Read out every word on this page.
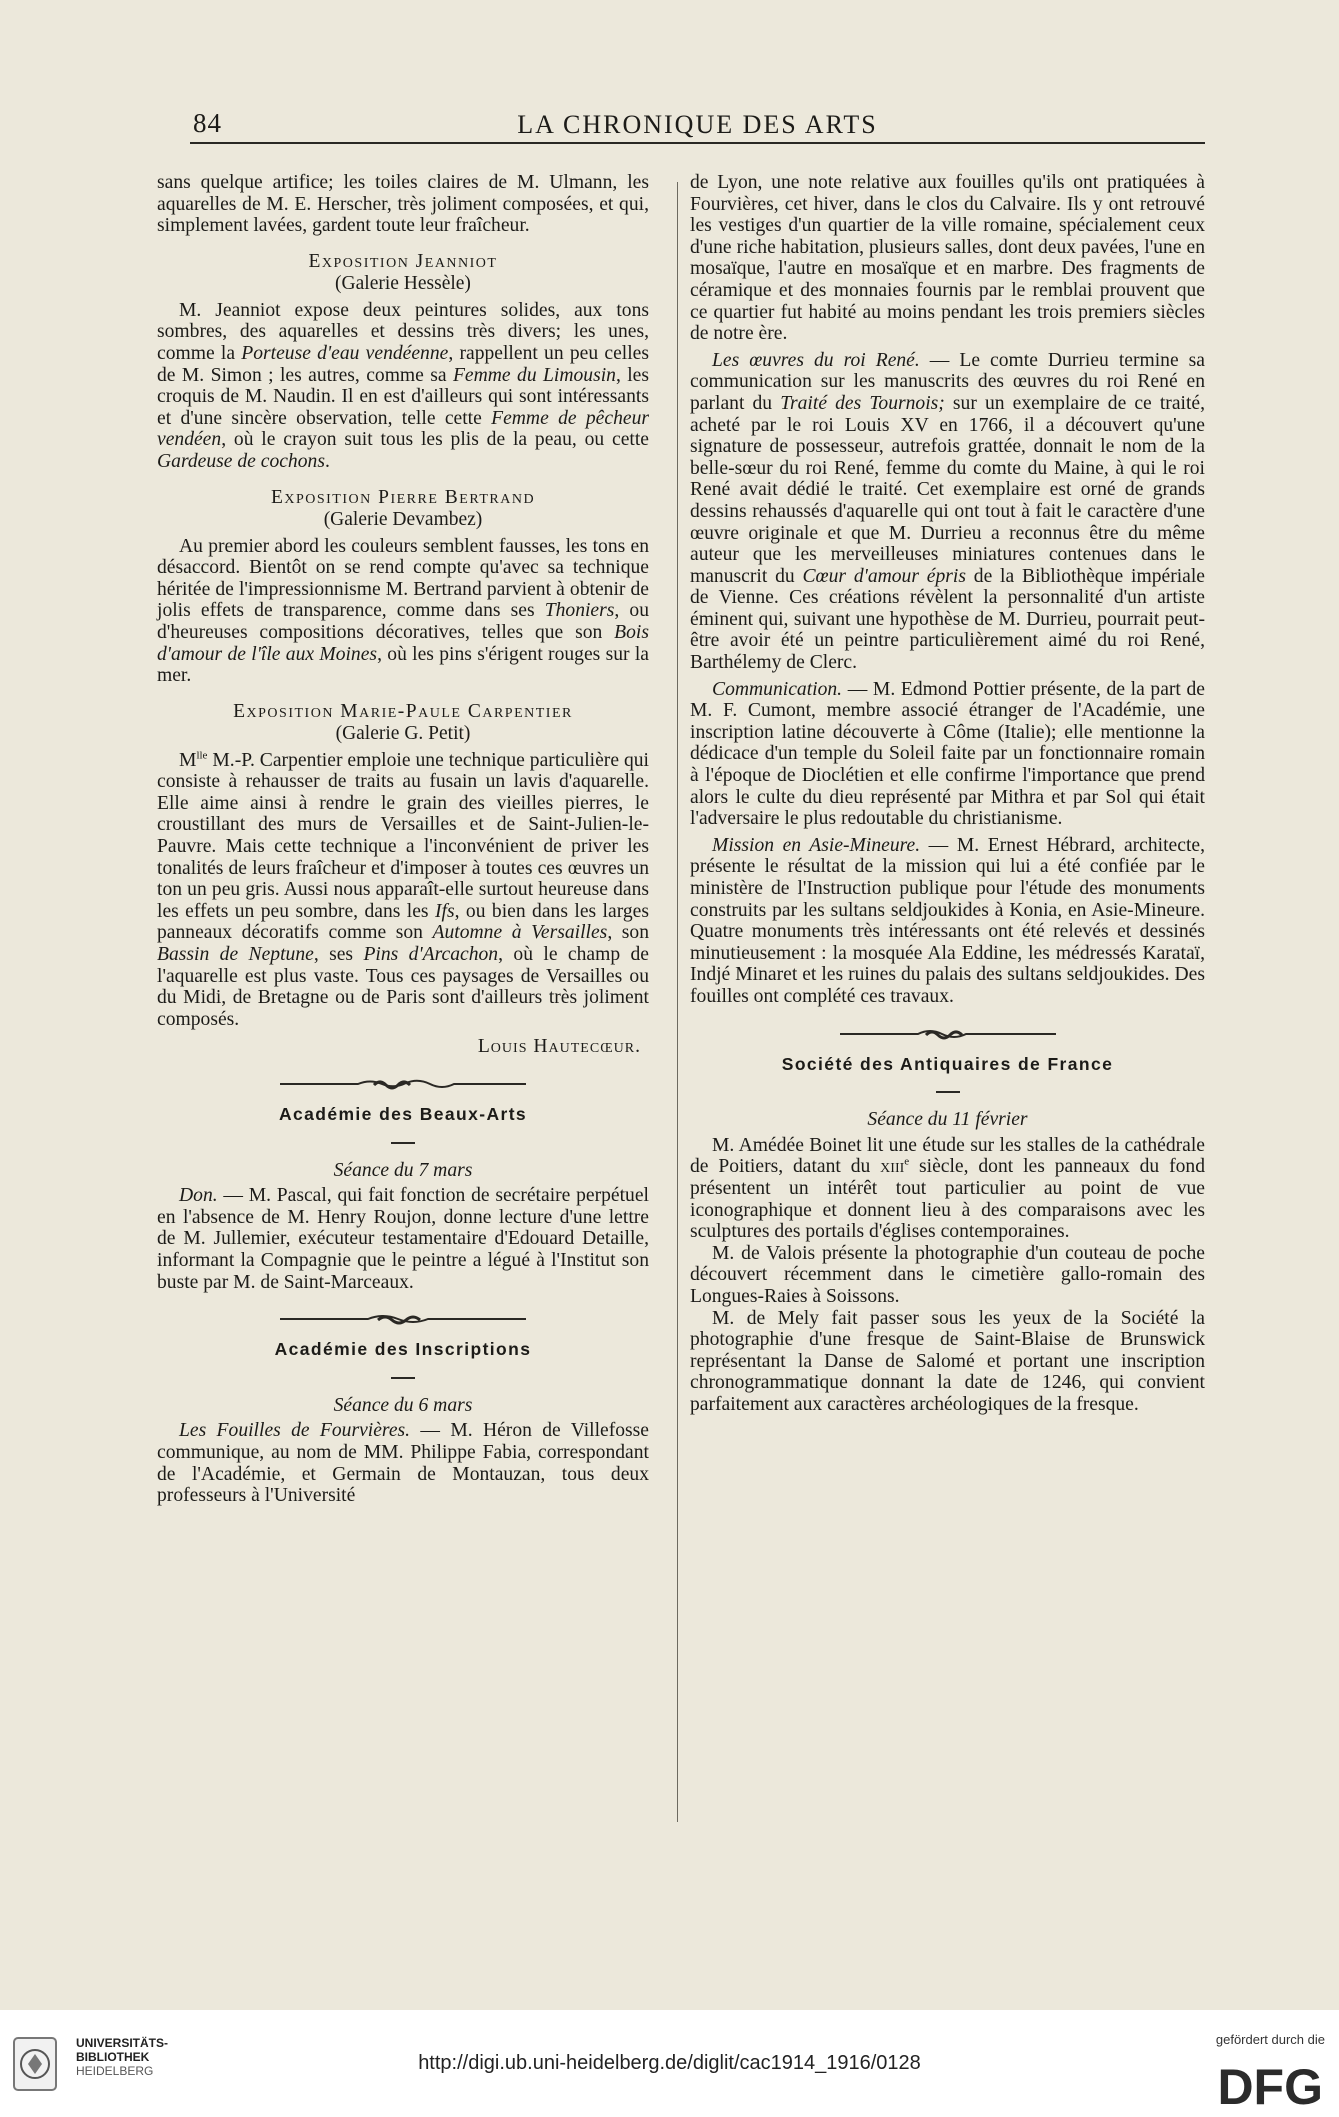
84	LA CHRONIQUE DES ARTS

sans quelque artifice; les toiles claires de M. Ulmann, les aquarelles de M. E. Herscher, très joliment composées, et qui, simplement lavées, gardent toute leur fraîcheur.

Exposition Jeanniot
(Galerie Hessèle)

M. Jeanniot expose deux peintures solides, aux tons sombres, des aquarelles et dessins très divers; les unes, comme la Porteuse d'eau vendéenne, rappellent un peu celles de M. Simon ; les autres, comme sa Femme du Limousin, les croquis de M. Naudin. Il en est d'ailleurs qui sont intéressants et d'une sincère observation, telle cette Femme de pêcheur vendéen, où le crayon suit tous les plis de la peau, ou cette Gardeuse de cochons.

Exposition Pierre Bertrand
(Galerie Devambez)

Au premier abord les couleurs semblent fausses, les tons en désaccord. Bientôt on se rend compte qu'avec sa technique héritée de l'impressionnisme M. Bertrand parvient à obtenir de jolis effets de transparence, comme dans ses Thoniers, ou d'heureuses compositions décoratives, telles que son Bois d'amour de l'île aux Moines, où les pins s'érigent rouges sur la mer.

Exposition Marie-Paule Carpentier
(Galerie G. Petit)

$M^{lle}$ M.-P. Carpentier emploie une technique particulière qui consiste à rehausser de traits au fusain un lavis d'aquarelle. Elle aime ainsi à rendre le grain des vieilles pierres, le croustillant des murs de Versailles et de Saint-Julien-le-Pauvre. Mais cette technique a l'inconvénient de priver les tonalités de leurs fraîcheur et d'imposer à toutes ces œuvres un ton un peu gris. Aussi nous apparaît-elle surtout heureuse dans les effets un peu sombre, dans les Ifs, ou bien dans les larges panneaux décoratifs comme son Automne à Versailles, son Bassin de Neptune, ses Pins d'Arcachon, où le champ de l'aquarelle est plus vaste. Tous ces paysages de Versailles ou du Midi, de Bretagne ou de Paris sont d'ailleurs très joliment composés.

Louis Hautecœur.
Académie des Beaux-Arts
Séance du 7 mars

Don. — M. Pascal, qui fait fonction de secrétaire perpétuel en l'absence de M. Henry Roujon, donne lecture d'une lettre de M. Jullemier, exécuteur testamentaire d'Edouard Detaille, informant la Compagnie que le peintre a légué à l'Institut son buste par M. de Saint-Marceaux.

Académie des Inscriptions
Séance du 6 mars

Les Fouilles de Fourvières. — M. Héron de Villefosse communique, au nom de MM. Philippe Fabia, correspondant de l'Académie, et Germain de Montauzan, tous deux professeurs à l'Université

de Lyon, une note relative aux fouilles qu'ils ont pratiquées à Fourvières, cet hiver, dans le clos du Calvaire. Ils y ont retrouvé les vestiges d'un quartier de la ville romaine, spécialement ceux d'une riche habitation, plusieurs salles, dont deux pavées, l'une en mosaïque, l'autre en mosaïque et en marbre. Des fragments de céramique et des monnaies fournis par le remblai prouvent que ce quartier fut habité au moins pendant les trois premiers siècles de notre ère.

Les œuvres du roi René. — Le comte Durrieu termine sa communication sur les manuscrits des œuvres du roi René en parlant du Traité des Tournois; sur un exemplaire de ce traité, acheté par le roi Louis XV en 1766, il a découvert qu'une signature de possesseur, autrefois grattée, donnait le nom de la belle-sœur du roi René, femme du comte du Maine, à qui le roi René avait dédié le traité. Cet exemplaire est orné de grands dessins rehaussés d'aquarelle qui ont tout à fait le caractère d'une œuvre originale et que M. Durrieu a reconnus être du même auteur que les merveilleuses miniatures contenues dans le manuscrit du Cœur d'amour épris de la Bibliothèque impériale de Vienne. Ces créations révèlent la personnalité d'un artiste éminent qui, suivant une hypothèse de M. Durrieu, pourrait peut-être avoir été un peintre particulièrement aimé du roi René, Barthélemy de Clerc.

Communication. — M. Edmond Pottier présente, de la part de M. F. Cumont, membre associé étranger de l'Académie, une inscription latine découverte à Côme (Italie); elle mentionne la dédicace d'un temple du Soleil faite par un fonctionnaire romain à l'époque de Dioclétien et elle confirme l'importance que prend alors le culte du dieu représenté par Mithra et par Sol qui était l'adversaire le plus redoutable du christianisme.

Mission en Asie-Mineure. — M. Ernest Hébrard, architecte, présente le résultat de la mission qui lui a été confiée par le ministère de l'Instruction publique pour l'étude des monuments construits par les sultans seldjoukides à Konia, en Asie-Mineure. Quatre monuments très intéressants ont été relevés et dessinés minutieusement : la mosquée Ala Eddine, les médressés Karataï, Indjé Minaret et les ruines du palais des sultans seldjoukides. Des fouilles ont complété ces travaux.

Société des Antiquaires de France
Séance du 11 février

M. Amédée Boinet lit une étude sur les stalles de la cathédrale de Poitiers, datant du xiii$^e$ siècle, dont les panneaux du fond présentent un intérêt tout particulier au point de vue iconographique et donnent lieu à des comparaisons avec les sculptures des portails d'églises contemporaines.

M. de Valois présente la photographie d'un couteau de poche découvert récemment dans le cimetière gallo-romain des Longues-Raies à Soissons.

M. de Mely fait passer sous les yeux de la Société la photographie d'une fresque de Saint-Blaise de Brunswick représentant la Danse de Salomé et portant une inscription chronogrammatique donnant la date de 1246, qui convient parfaitement aux caractères archéologiques de la fresque.

UNIVERSITÄTS-
BIBLIOTHEK
HEIDELBERG	http://digi.ub.uni-heidelberg.de/diglit/cac1914_1916/0128
gefördert durch die
DFG
